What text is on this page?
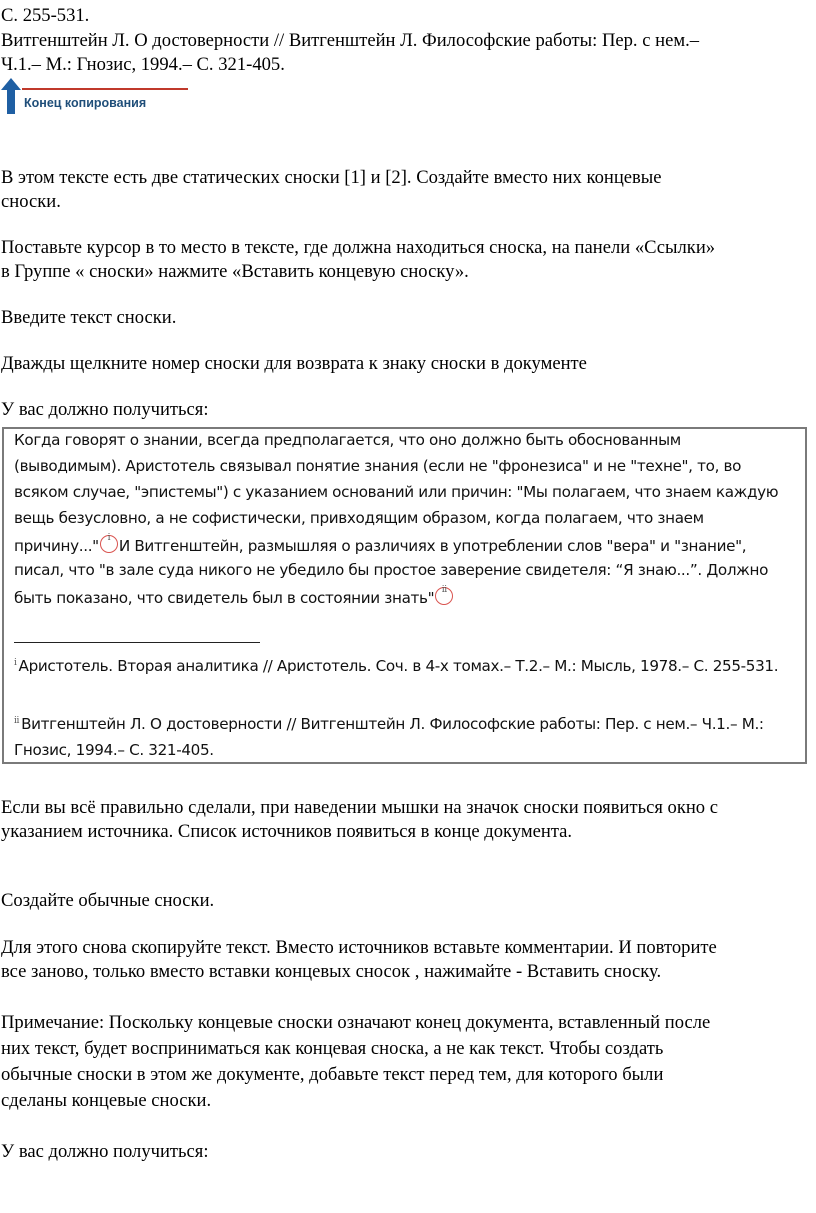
С. 255-531.

Витгенштейн Л. О достоверности // Витгенштейн Л. Философские работы: Пер. с нем.–

Ч.1.– М.: Гнозис, 1994.– С. 321-405.

Конец копирования

В этом тексте есть две статических сноски [1] и [2]. Создайте вместо них концевые

сноски.

Поставьте курсор в то место в тексте, где должна находиться сноска, на панели «Ссылки»

в Группе « сноски» нажмите «Вставить концевую сноску».

Введите текст сноски.

Дважды щелкните номер сноски для возврата к знаку сноски в документе

У вас должно получиться:

Когда говорят о знании, всегда предполагается, что оно должно быть обоснованным
(выводимым). Аристотель связывал понятие знания (если не "фронезиса" и не "техне", то, во
всяком случае, "эпистемы") с указанием оснований или причин: "Мы полагаем, что знаем каждую
вещь безусловно, а не софистически, привходящим образом, когда полагаем, что знаем
причину..." i И Витгенштейн, размышляя о различиях в употреблении слов "вера" и "знание",
писал, что "в зале суда никого не убедило бы простое заверение свидетеля: “Я знаю...”. Должно
быть показано, что свидетель был в состоянии знать" ii
$^i$ Аристотель. Вторая аналитика // Аристотель. Соч. в 4-х томах.– Т.2.– М.: Мысль, 1978.– С. 255-531.
$^{ii}$ Витгенштейн Л. О достоверности // Витгенштейн Л. Философские работы: Пер. с нем.– Ч.1.– М.:
Гнозис, 1994.– С. 321-405.

Если вы всё правильно сделали, при наведении мышки на значок сноски появиться окно с

указанием источника. Список источников появиться в конце документа.

Создайте обычные сноски.

Для этого снова скопируйте текст. Вместо источников вставьте комментарии. И повторите

все заново, только вместо вставки концевых сносок , нажимайте - Вставить сноску.

Примечание: Поскольку концевые сноски означают конец документа, вставленный после

них текст, будет восприниматься как концевая сноска, а не как текст. Чтобы создать

обычные сноски в этом же документе, добавьте текст перед тем, для которого были

сделаны концевые сноски.

У вас должно получиться:
